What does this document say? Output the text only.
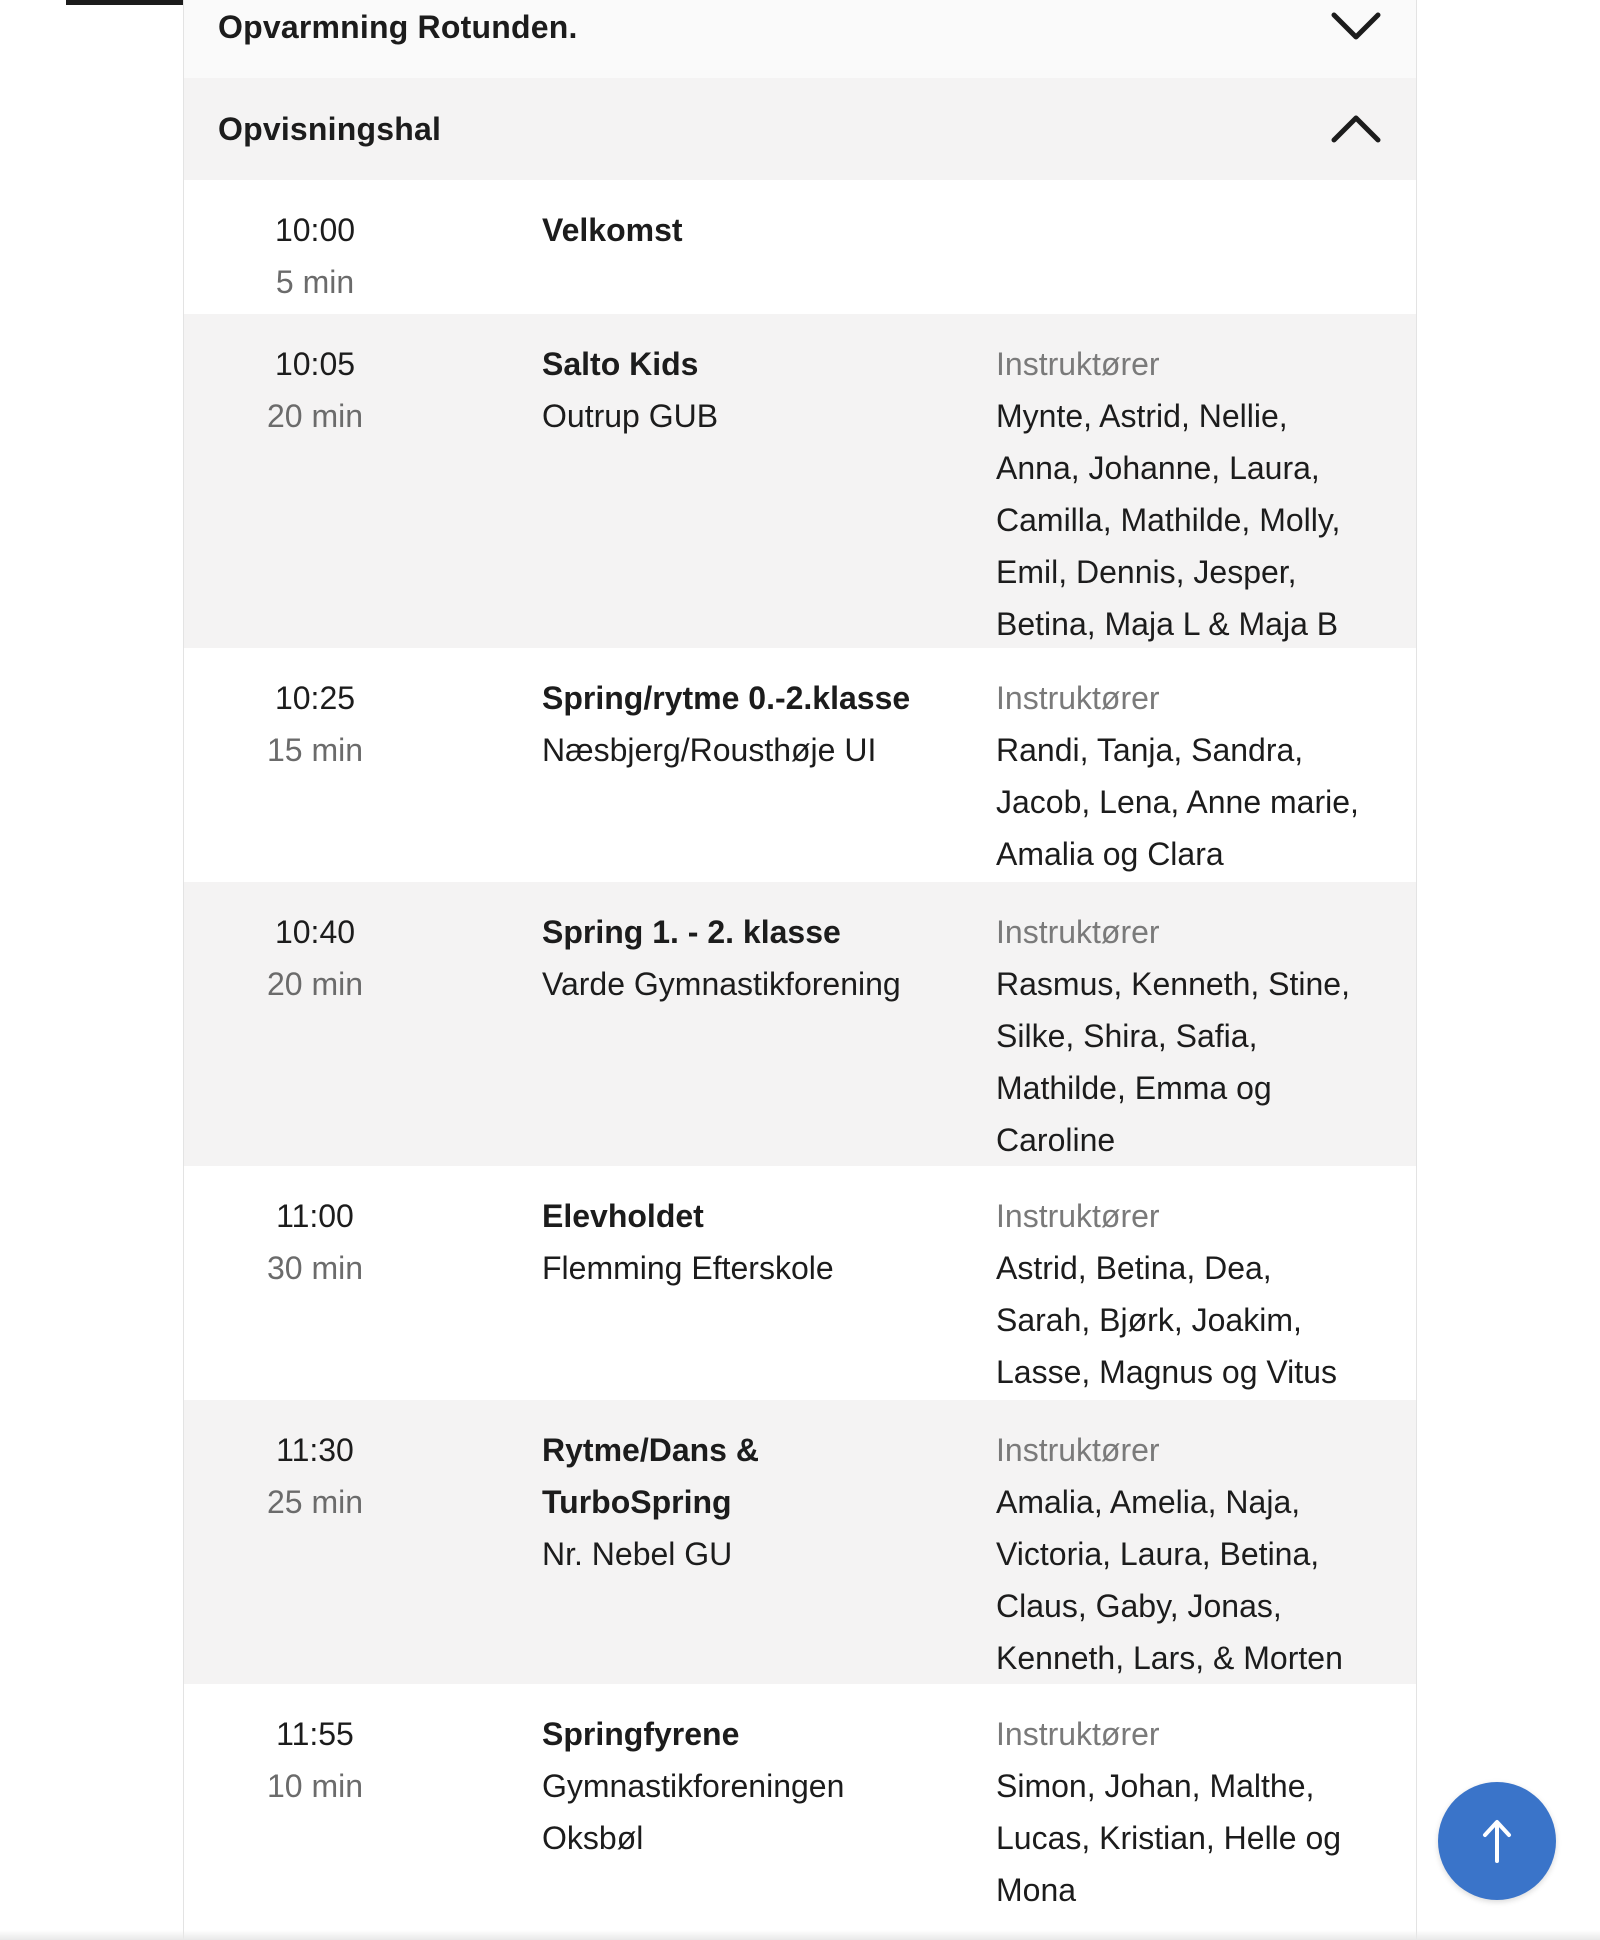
Opvarmning Rotunden.
Opvisningshal
10:00
5 min
Velkomst
10:05
20 min
Salto Kids
Outrup GUB
Instruktører
Mynte, Astrid, Nellie,
Anna, Johanne, Laura,
Camilla, Mathilde, Molly,
Emil, Dennis, Jesper,
Betina, Maja L & Maja B
10:25
15 min
Spring/rytme 0.-2.klasse
Næsbjerg/Rousthøje UI
Instruktører
Randi, Tanja, Sandra,
Jacob, Lena, Anne marie,
Amalia og Clara
10:40
20 min
Spring 1. - 2. klasse
Varde Gymnastikforening
Instruktører
Rasmus, Kenneth, Stine,
Silke, Shira, Safia,
Mathilde, Emma og
Caroline
11:00
30 min
Elevholdet
Flemming Efterskole
Instruktører
Astrid, Betina, Dea,
Sarah, Bjørk, Joakim,
Lasse, Magnus og Vitus
11:30
25 min
Rytme/Dans &
TurboSpring
Nr. Nebel GU
Instruktører
Amalia, Amelia, Naja,
Victoria, Laura, Betina,
Claus, Gaby, Jonas,
Kenneth, Lars, & Morten
11:55
10 min
Springfyrene
Gymnastikforeningen
Oksbøl
Instruktører
Simon, Johan, Malthe,
Lucas, Kristian, Helle og
Mona
